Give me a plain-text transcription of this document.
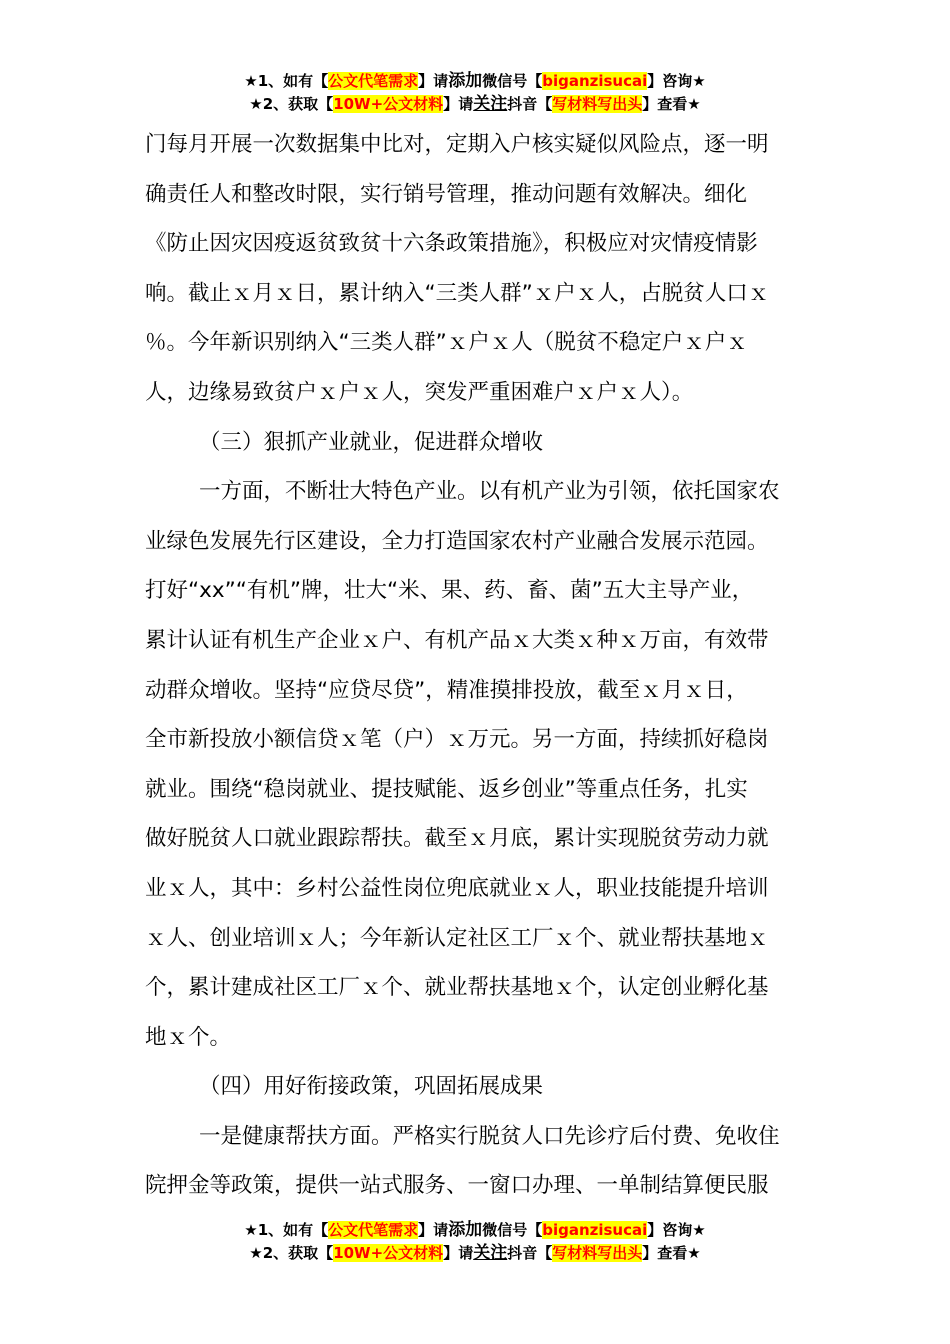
★1、如有【公文代笔需求】请添加微信号【biganzisucai】咨询★
★2、获取【10W+公文材料】请关注抖音【写材料写出头】查看★
门每月开展一次数据集中比对，定期入户核实疑似风险点，逐一明
确责任人和整改时限，实行销号管理，推动问题有效解决。细化
《防止因灾因疫返贫致贫十六条政策措施》，积极应对灾情疫情影
响。截止ｘ月ｘ日，累计纳入“三类人群”ｘ户ｘ人，占脱贫人口ｘ
％。今年新识别纳入“三类人群”ｘ户ｘ人（脱贫不稳定户ｘ户ｘ
人，边缘易致贫户ｘ户ｘ人，突发严重困难户ｘ户ｘ人）。
（三）狠抓产业就业，促进群众增收
一方面，不断壮大特色产业。以有机产业为引领，依托国家农
业绿色发展先行区建设，全力打造国家农村产业融合发展示范园。
打好“xx”“有机”牌，壮大“米、果、药、畜、菌”五大主导产业，
累计认证有机生产企业ｘ户、有机产品ｘ大类ｘ种ｘ万亩，有效带
动群众增收。坚持“应贷尽贷”，精准摸排投放，截至ｘ月ｘ日，
全市新投放小额信贷ｘ笔（户）ｘ万元。另一方面，持续抓好稳岗
就业。围绕“稳岗就业、提技赋能、返乡创业”等重点任务，扎实
做好脱贫人口就业跟踪帮扶。截至ｘ月底，累计实现脱贫劳动力就
业ｘ人，其中：乡村公益性岗位兜底就业ｘ人，职业技能提升培训
ｘ人、创业培训ｘ人；今年新认定社区工厂ｘ个、就业帮扶基地ｘ
个，累计建成社区工厂ｘ个、就业帮扶基地ｘ个，认定创业孵化基
地ｘ个。
（四）用好衔接政策，巩固拓展成果
一是健康帮扶方面。严格实行脱贫人口先诊疗后付费、免收住
院押金等政策，提供一站式服务、一窗口办理、一单制结算便民服
★1、如有【公文代笔需求】请添加微信号【biganzisucai】咨询★
★2、获取【10W+公文材料】请关注抖音【写材料写出头】查看★
